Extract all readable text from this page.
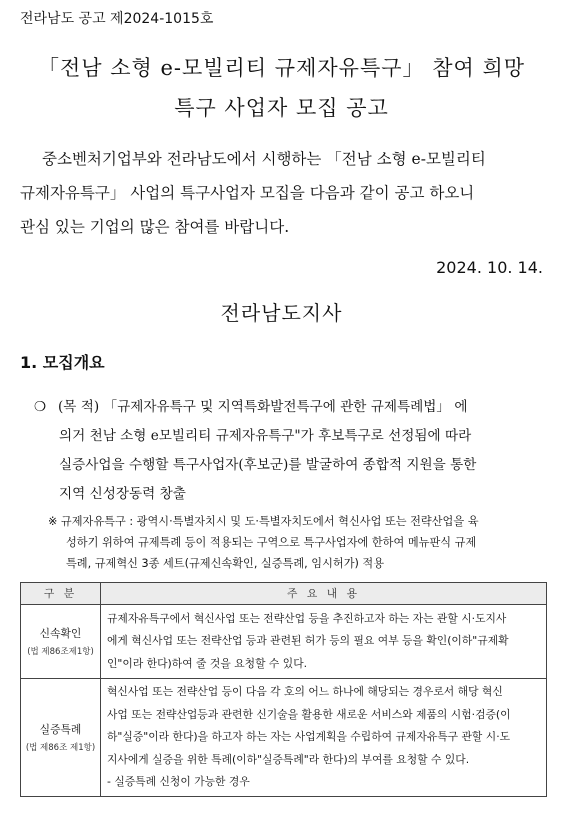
전라남도 공고 제2024-1015호
「전남 소형 e-모빌리티 규제자유특구」 참여 희망
특구 사업자 모집 공고
중소벤처기업부와 전라남도에서 시행하는 「전남 소형 e-모빌리티
규제자유특구」 사업의 특구사업자 모집을 다음과 같이 공고 하오니
관심 있는 기업의 많은 참여를 바랍니다.
2024. 10. 14.
전라남도지사
1. 모집개요
❍ (목 적) 「규제자유특구 및 지역특화발전특구에 관한 규제특례법」 에
의거 천남 소형 e모빌리티 규제자유특구"가 후보특구로 선정됨에 따라
실증사업을 수행할 특구사업자(후보군)를 발굴하여 종합적 지원을 통한
지역 신성장동력 창출
※ 규제자유특구 : 광역시·특별자치시 및 도·특별자치도에서 혁신사업 또는 전략산업을 육
성하기 위하여 규제특례 등이 적용되는 구역으로 특구사업자에 한하여 메뉴판식 규제
특례, 규제혁신 3종 세트(규제신속확인, 실증특례, 임시허가) 적용
구 분	주 요 내 용
신속확인
(법 제86조제1항)	규제자유특구에서 혁신사업 또는 전략산업 등을 추진하고자 하는 자는 관할 시·도지사
에게 혁신사업 또는 전략산업 등과 관련된 허가 등의 필요 여부 등을 확인(이하"규제확
인"이라 한다)하여 줄 것을 요청할 수 있다.

실증특례
(법 제86조 제1항)	혁신사업 또는 전략산업 등이 다음 각 호의 어느 하나에 해당되는 경우로서 해당 혁신
사업 또는 전략산업등과 관련한 신기술을 활용한 새로운 서비스와 제품의 시험·검증(이
하"실증"이라 한다)을 하고자 하는 자는 사업계획을 수립하여 규제자유특구 관할 시·도
지사에게 실증을 위한 특례(이하"실증특례"라 한다)의 부여를 요청할 수 있다.
- 실증특례 신청이 가능한 경우
